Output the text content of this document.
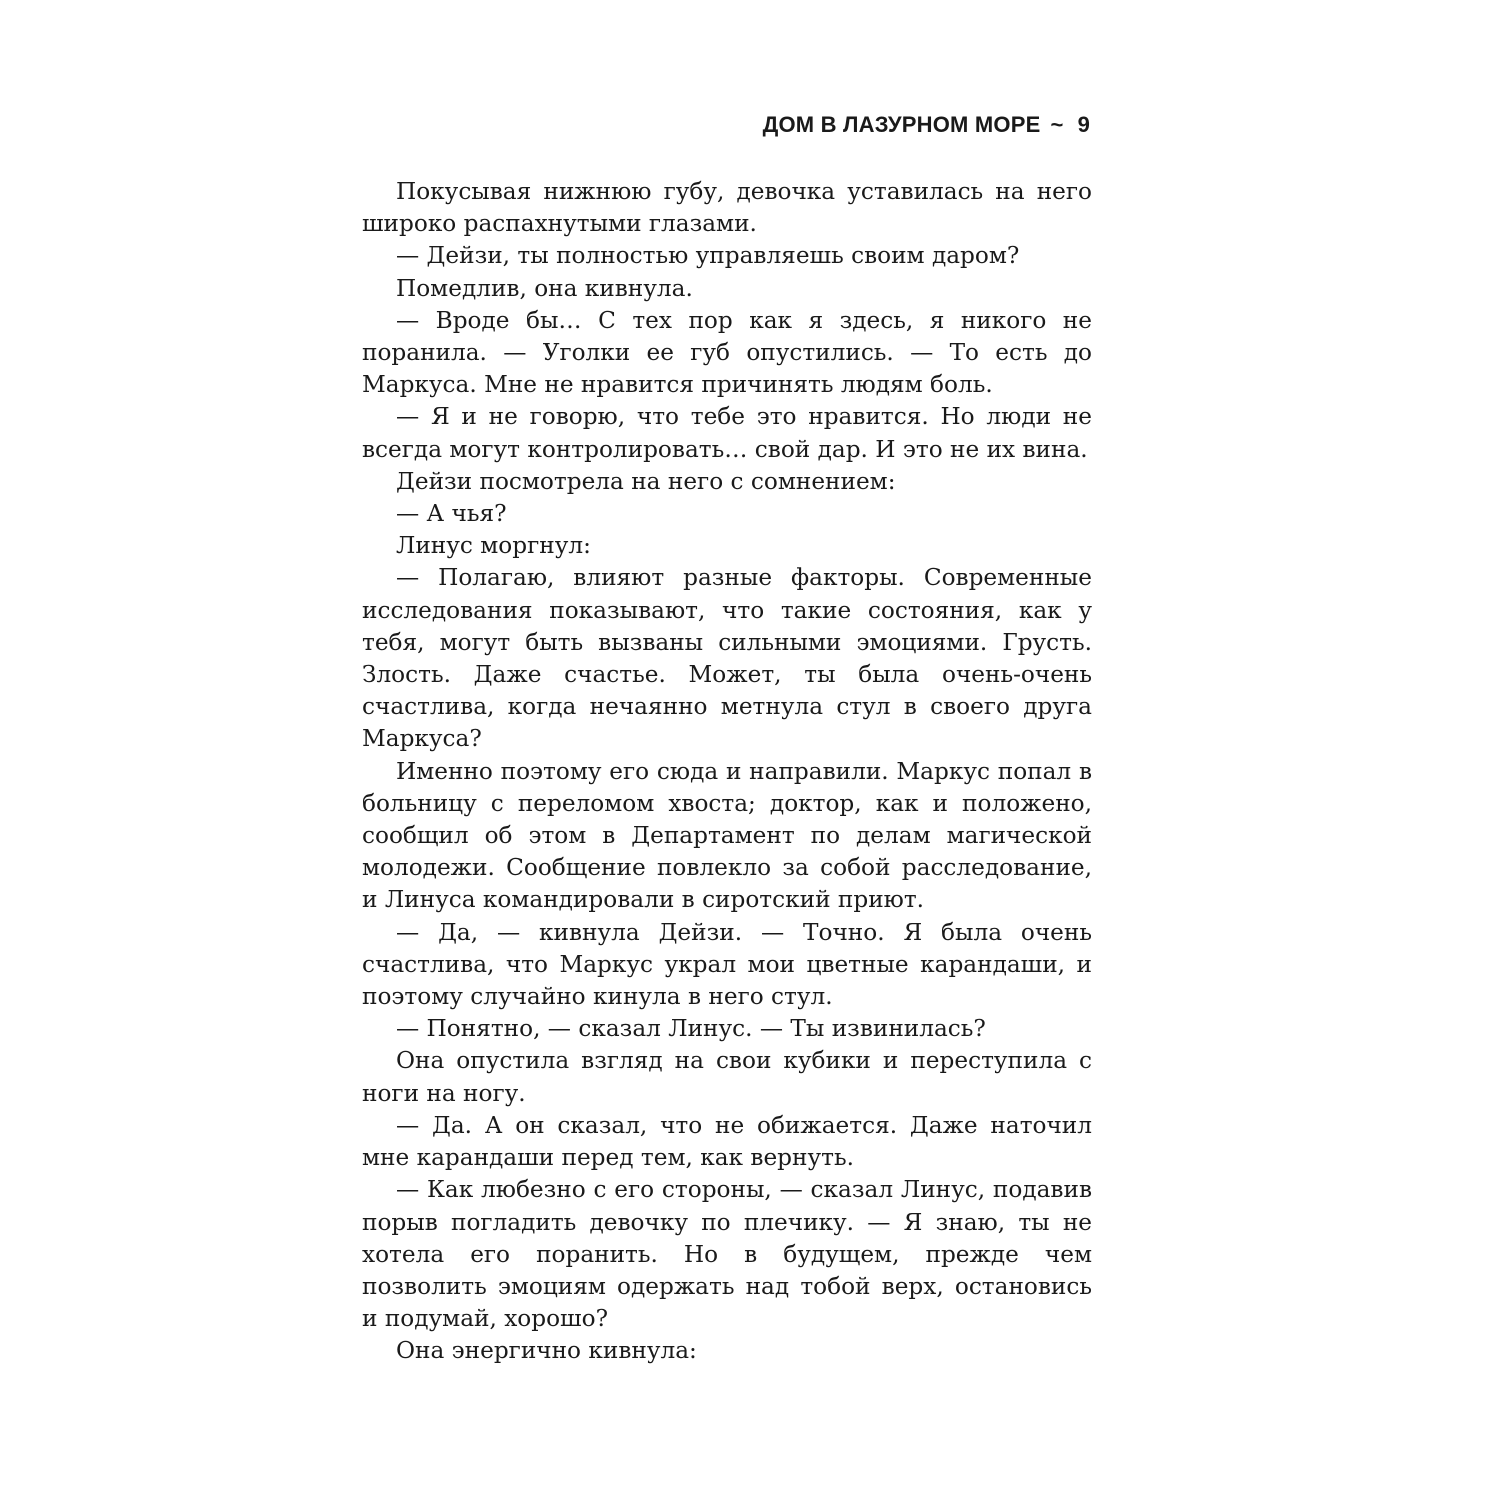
ДОМ В ЛАЗУРНОМ МОРЕ ~ 9

Покусывая нижнюю губу, девочка уставилась на него широко распахнутыми глазами.

— Дейзи, ты полностью управляешь своим даром?

Помедлив, она кивнула.

— Вроде бы… С тех пор как я здесь, я никого не поранила. — Уголки ее губ опустились. — То есть до Маркуса. Мне не нравится причинять людям боль.

— Я и не говорю, что тебе это нравится. Но люди не всегда могут контролировать… свой дар. И это не их вина.

Дейзи посмотрела на него с сомнением:

— А чья?

Линус моргнул:

— Полагаю, влияют разные факторы. Современные исследования показывают, что такие состояния, как у тебя, могут быть вызваны сильными эмоциями. Грусть. Злость. Даже счастье. Может, ты была очень-очень счастлива, когда нечаянно метнула стул в своего друга Маркуса?

Именно поэтому его сюда и направили. Маркус попал в больницу с переломом хвоста; доктор, как и положено, сообщил об этом в Департамент по делам магической молодежи. Сообщение повлекло за собой расследование, и Линуса командировали в сиротский приют.

— Да, — кивнула Дейзи. — Точно. Я была очень счастлива, что Маркус украл мои цветные карандаши, и поэтому случайно кинула в него стул.

— Понятно, — сказал Линус. — Ты извинилась?

Она опустила взгляд на свои кубики и переступила с ноги на ногу.

— Да. А он сказал, что не обижается. Даже наточил мне карандаши перед тем, как вернуть.

— Как любезно с его стороны, — сказал Линус, подавив порыв погладить девочку по плечику. — Я знаю, ты не хотела его поранить. Но в будущем, прежде чем позволить эмоциям одержать над тобой верх, остановись и подумай, хорошо?

Она энергично кивнула:
